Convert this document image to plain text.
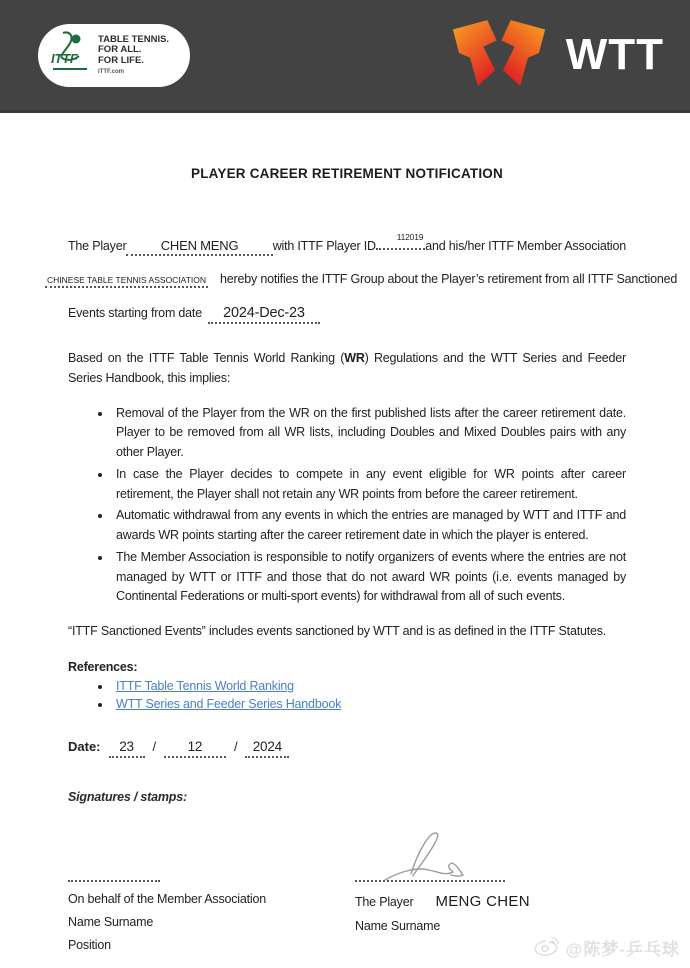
ITTF
TABLE TENNIS.
FOR ALL.
FOR LIFE.
ITTF.com	WTT
PLAYER CAREER RETIREMENT NOTIFICATION
The Player	CHEN MENG	with ITTF Player ID
112019
and his/her ITTF Member Association
CHINESE TABLE TENNIS ASSOCIATION hereby notifies the ITTF Group about the Player’s retirement from all ITTF Sanctioned
Events starting from date	2024-Dec-23
Based on the ITTF Table Tennis World Ranking (WR) Regulations and the WTT Series and Feeder Series Handbook, this implies:
• Removal of the Player from the WR on the first published lists after the career retirement date. Player to be removed from all WR lists, including Doubles and Mixed Doubles pairs with any other Player.
• In case the Player decides to compete in any event eligible for WR points after career retirement, the Player shall not retain any WR points from before the career retirement.
• Automatic withdrawal from any events in which the entries are managed by WTT and ITTF and awards WR points starting after the career retirement date in which the player is entered.
• The Member Association is responsible to notify organizers of events where the entries are not managed by WTT or ITTF and those that do not award WR points (i.e. events managed by Continental Federations or multi-sport events) for withdrawal from all of such events.
“ITTF Sanctioned Events” includes events sanctioned by WTT and is as defined in the ITTF Statutes.
References:
• ITTF Table Tennis World Ranking
• WTT Series and Feeder Series Handbook
Date:	23	/	12	/	2024
Signatures / stamps:
On behalf of the Member Association
Name Surname
Position
The Player MENG CHEN
Name Surname
@陈梦-乒乓球
